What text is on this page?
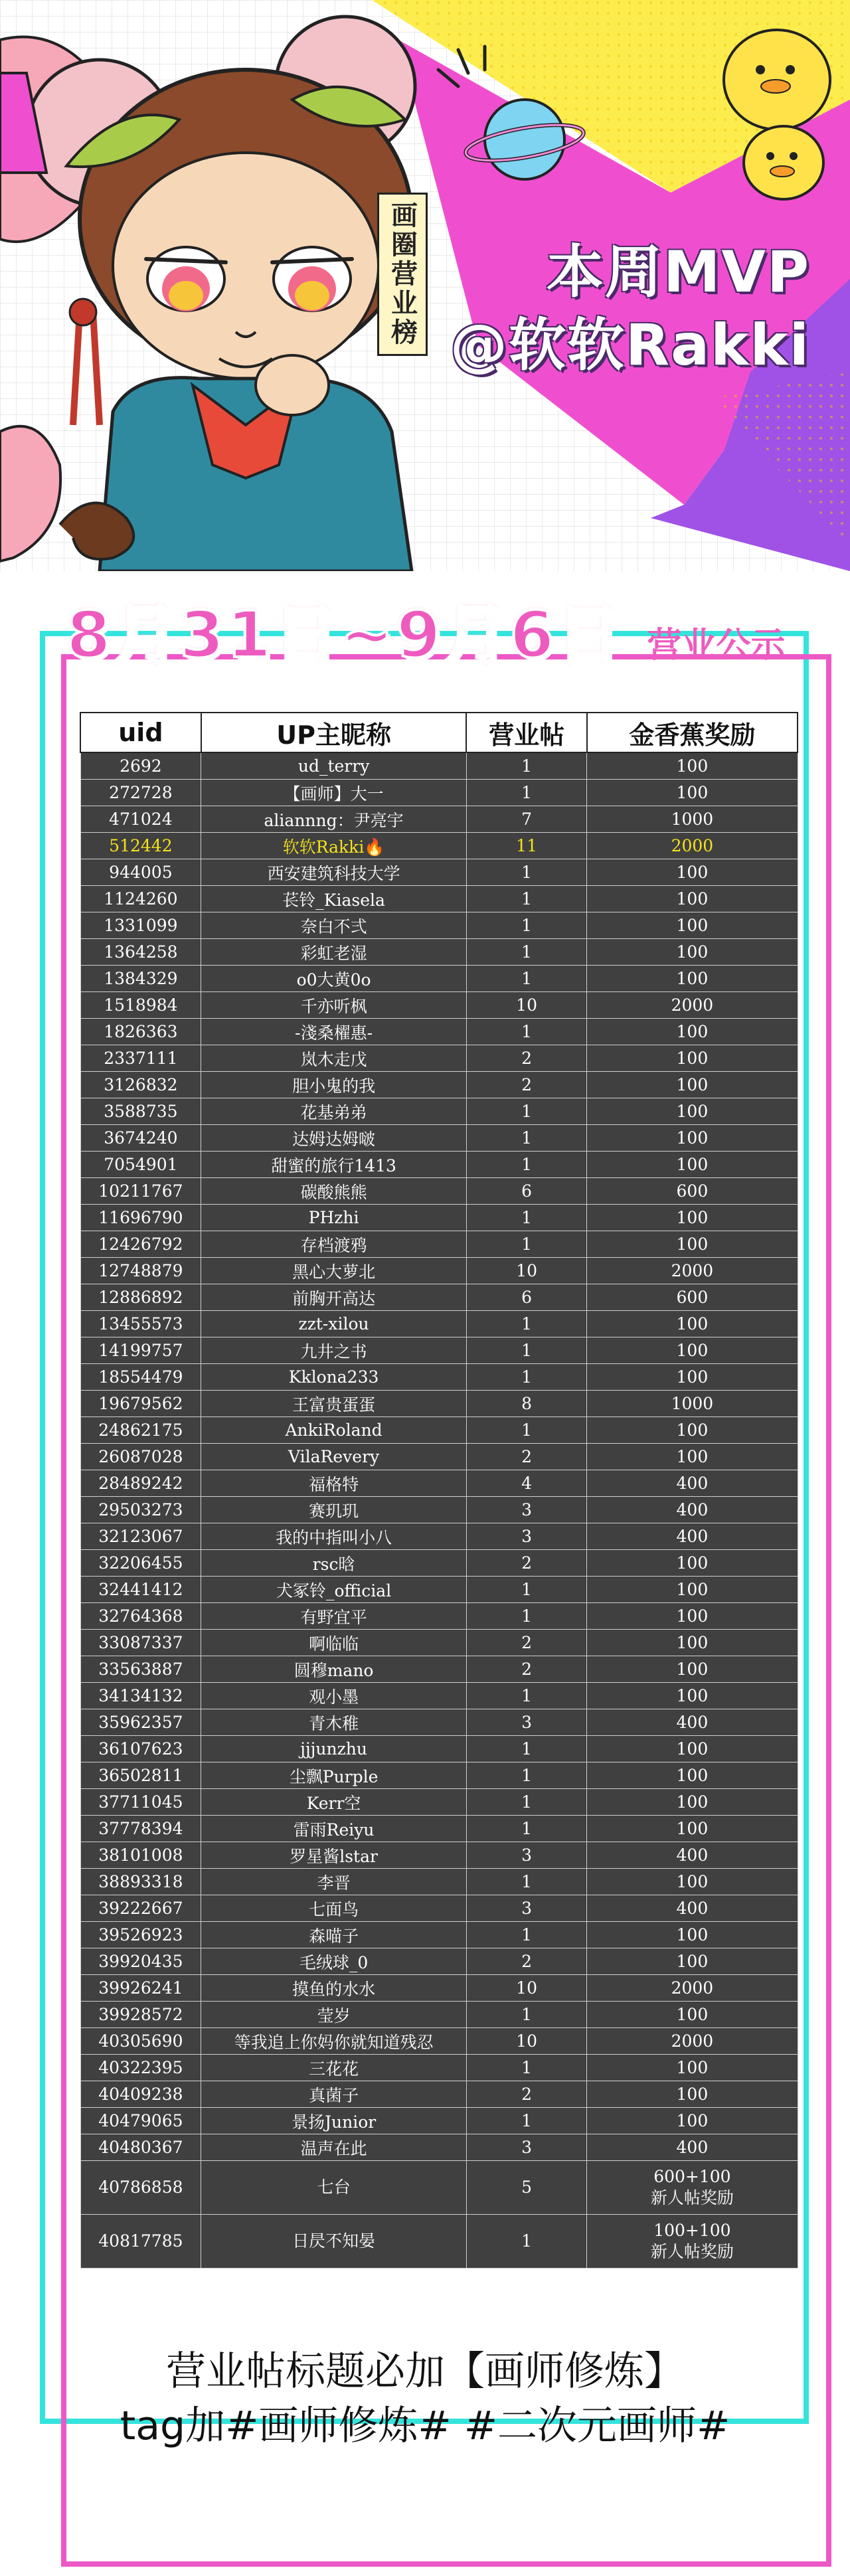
画圈营业榜	本周MVP
@软软Rakki
8月31日~9月6日 营业公示
uid	UP主昵称	营业帖	金香蕉奖励
2692	ud_terry	1	100
272728	【画师】大一	1	100
471024	aliannng：尹亮宇	7	1000
512442	软软Rakki🔥	11	2000
944005	西安建筑科技大学	1	100
1124260	苌铃_Kiasela	1	100
1331099	奈白不弍	1	100
1364258	彩虹老湿	1	100
1384329	o0大黄0o	1	100
1518984	千亦听枫	10	2000
1826363	-淺桑櫂惠-	1	100
2337111	岚木走戊	2	100
3126832	胆小鬼的我	2	100
3588735	花基弟弟	1	100
3674240	达姆达姆啵	1	100
7054901	甜蜜的旅行1413	1	100
10211767	碳酸熊熊	6	600
11696790	PHzhi	1	100
12426792	存档渡鸦	1	100
12748879	黑心大萝北	10	2000
12886892	前胸开高达	6	600
13455573	zzt-xilou	1	100
14199757	九井之书	1	100
18554479	Kklona233	1	100
19679562	王富贵蛋蛋	8	1000
24862175	AnkiRoland	1	100
26087028	VilaRevery	2	100
28489242	福格特	4	400
29503273	赛玑玑	3	400
32123067	我的中指叫小八	3	400
32206455	rsc晗	2	100
32441412	犬冢铃_official	1	100
32764368	有野宜平	1	100
33087337	啊临临	2	100
33563887	圆穆mano	2	100
34134132	观小墨	1	100
35962357	青木稚	3	400
36107623	jjjunzhu	1	100
36502811	尘飘Purple	1	100
37711045	Kerr空	1	100
37778394	雷雨Reiyu	1	100
38101008	罗星酱lstar	3	400
38893318	李晋	1	100
39222667	七面鸟	3	400
39526923	森喵子	1	100
39920435	毛绒球_0	2	100
39926241	摸鱼的水水	10	2000
39928572	莹岁	1	100
40305690	等我追上你妈你就知道残忍	10	2000
40322395	三花花	1	100
40409238	真菌子	2	100
40479065	景扬Junior	1	100
40480367	温声在此	3	400
40786858	七台	5	600+100
新人帖奖励

40817785	日昃不知晏	1	100+100
新人帖奖励
营业帖标题必加【画师修炼】
tag加#画师修炼# #二次元画师#
